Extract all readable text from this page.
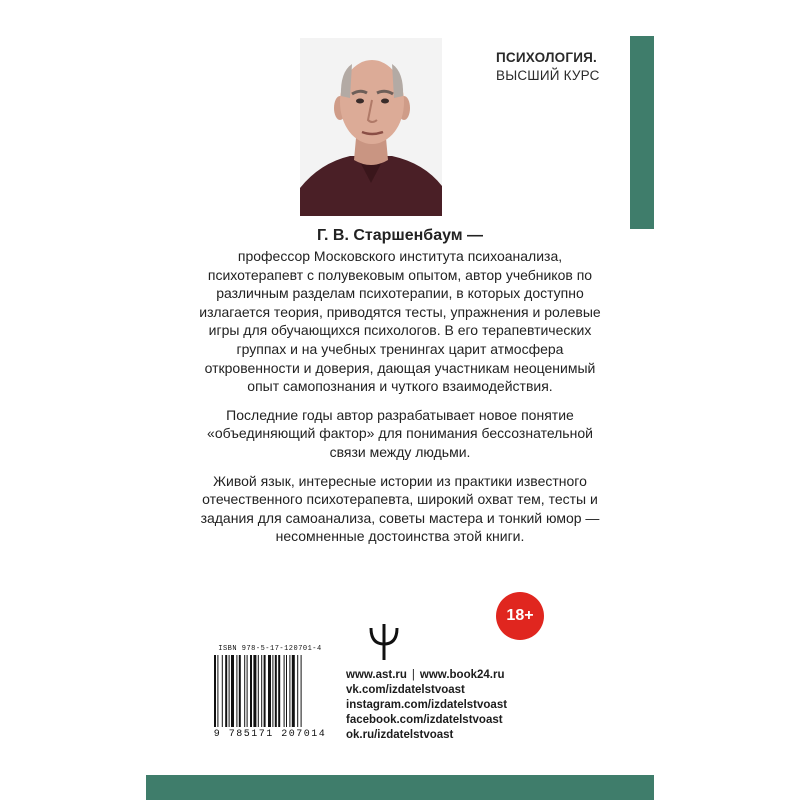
ПСИХОЛОГИЯ.
ВЫСШИЙ КУРС
Г. В. Старшенбаум —

профессор Московского института психоанализа, психотерапевт с полувековым опытом, автор учебников по различным разделам психотерапии, в которых доступно излагается теория, приводятся тесты, упражнения и ролевые игры для обучающихся психологов. В его терапевтических группах и на учебных тренингах царит атмосфера откровенности и доверия, дающая участникам неоценимый опыт самопознания и чуткого взаимодействия.

Последние годы автор разрабатывает новое понятие «объединяющий фактор» для понимания бессознательной связи между людьми.

Живой язык, интересные истории из практики известного отечественного психотерапевта, широкий охват тем, тесты и задания для самоанализа, советы мастера и тонкий юмор — несомненные достоинства этой книги.

18+
ISBN 978-5-17-120701-4
9 785171 207014
www.ast.ru | www.book24.ru
vk.com/izdatelstvoast
instagram.com/izdatelstvoast
facebook.com/izdatelstvoast
ok.ru/izdatelstvoast
